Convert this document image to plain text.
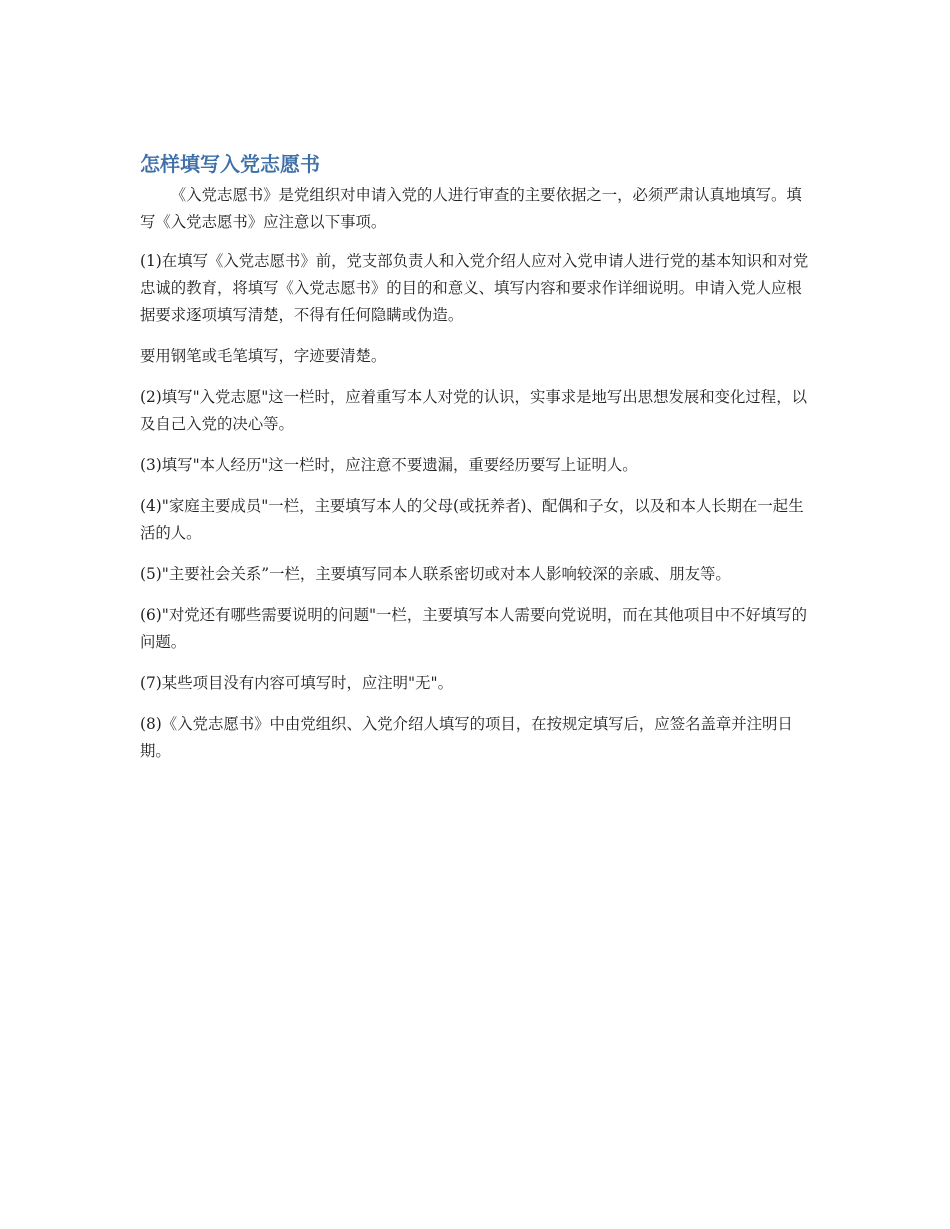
怎样填写入党志愿书

《入党志愿书》是党组织对申请入党的人进行审查的主要依据之一，必须严肃认真地填写。填写《入党志愿书》应注意以下事项。

(1)在填写《入党志愿书》前，党支部负责人和入党介绍人应对入党申请人进行党的基本知识和对党忠诚的教育，将填写《入党志愿书》的目的和意义、填写内容和要求作详细说明。申请入党人应根据要求逐项填写清楚，不得有任何隐瞒或伪造。

要用钢笔或毛笔填写，字迹要清楚。

(2)填写"入党志愿"这一栏时，应着重写本人对党的认识，实事求是地写出思想发展和变化过程，以及自己入党的决心等。

(3)填写"本人经历"这一栏时，应注意不要遗漏，重要经历要写上证明人。

(4)"家庭主要成员"一栏，主要填写本人的父母(或抚养者)、配偶和子女，以及和本人长期在一起生活的人。

(5)"主要社会关系”一栏，主要填写同本人联系密切或对本人影响较深的亲戚、朋友等。

(6)"对党还有哪些需要说明的问题"一栏，主要填写本人需要向党说明，而在其他项目中不好填写的问题。

(7)某些项目没有内容可填写时，应注明"无"。

(8)《入党志愿书》中由党组织、入党介绍人填写的项目，在按规定填写后，应签名盖章并注明日期。
